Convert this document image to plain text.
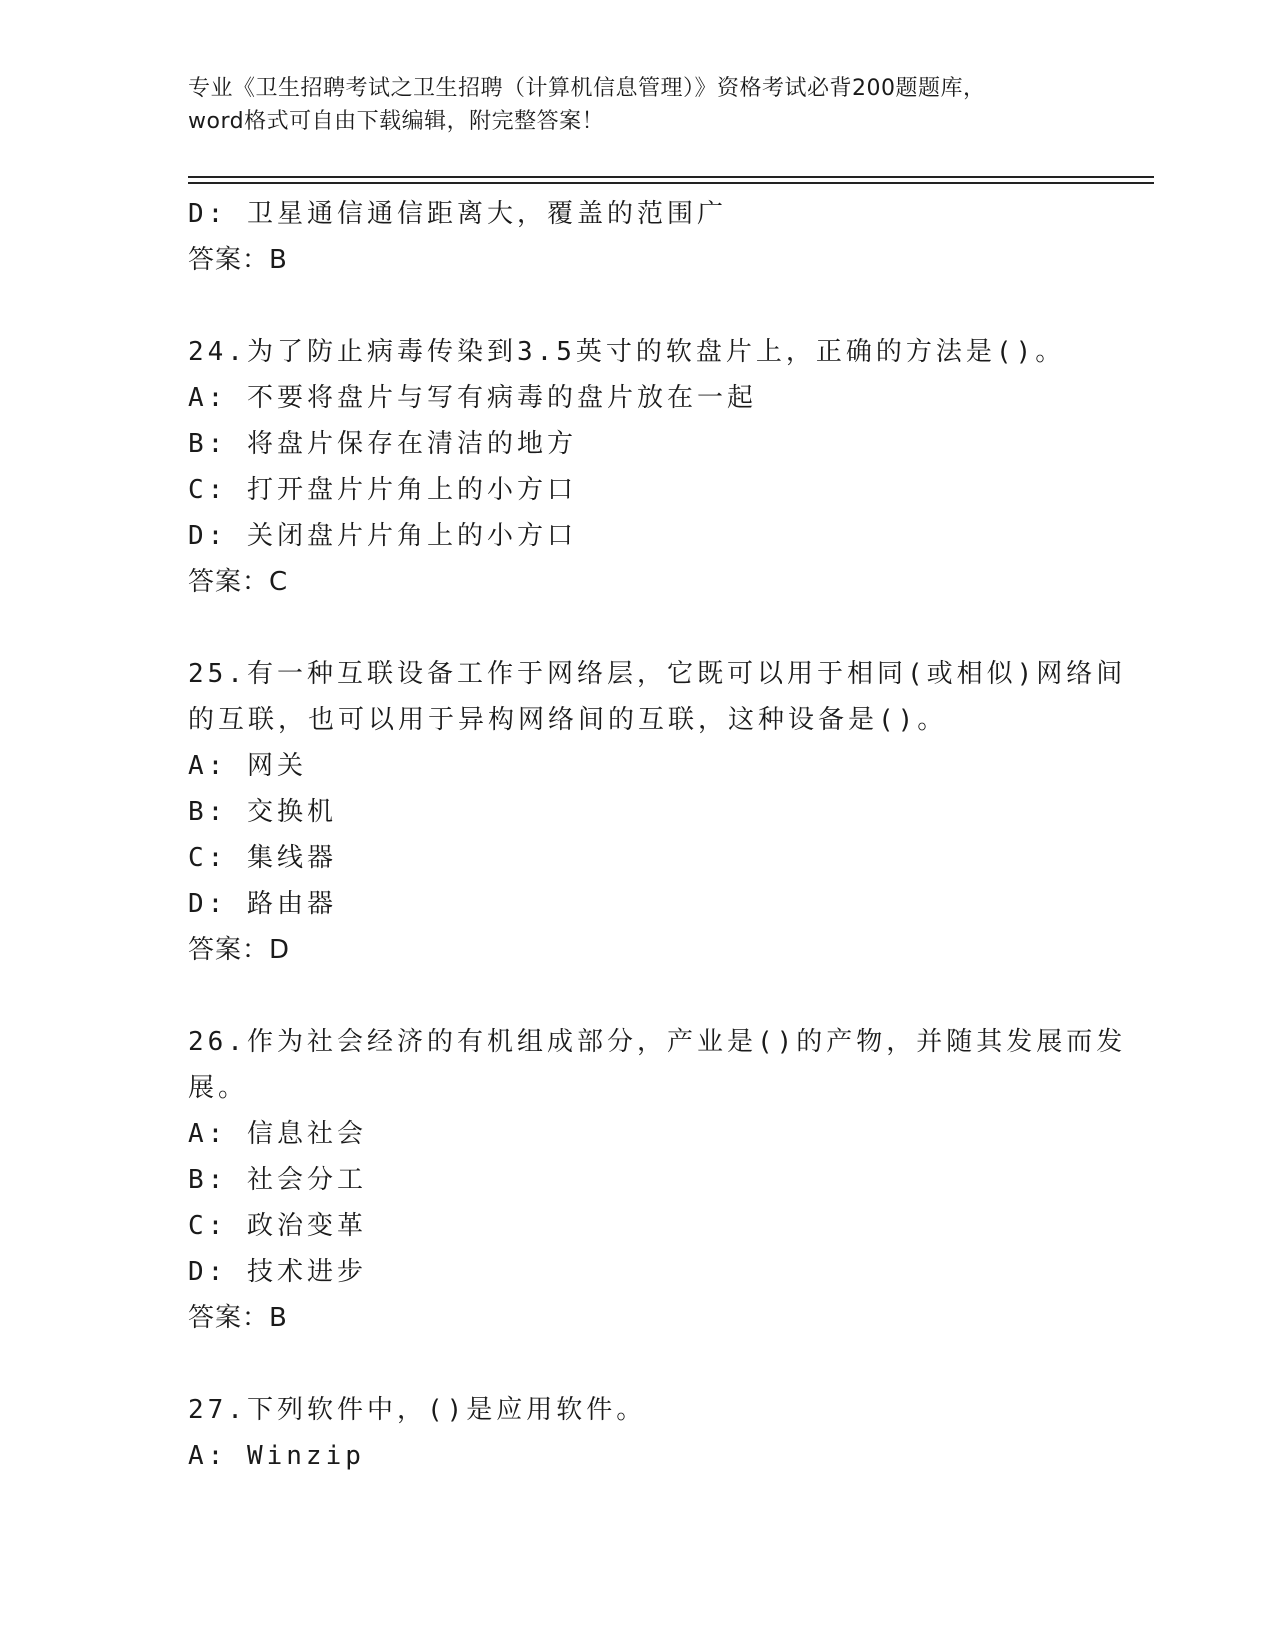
专业《卫生招聘考试之卫生招聘（计算机信息管理）》资格考试必背200题题库，
word格式可自由下载编辑，附完整答案！
D: 卫星通信通信距离大，覆盖的范围广
答案：B
24.为了防止病毒传染到3.5英寸的软盘片上，正确的方法是()。
A: 不要将盘片与写有病毒的盘片放在一起
B: 将盘片保存在清洁的地方
C: 打开盘片片角上的小方口
D: 关闭盘片片角上的小方口
答案：C
25.有一种互联设备工作于网络层，它既可以用于相同(或相似)网络间
的互联，也可以用于异构网络间的互联，这种设备是()。
A: 网关
B: 交换机
C: 集线器
D: 路由器
答案：D
26.作为社会经济的有机组成部分，产业是()的产物，并随其发展而发
展。
A: 信息社会
B: 社会分工
C: 政治变革
D: 技术进步
答案：B
27.下列软件中，()是应用软件。
A: Winzip
